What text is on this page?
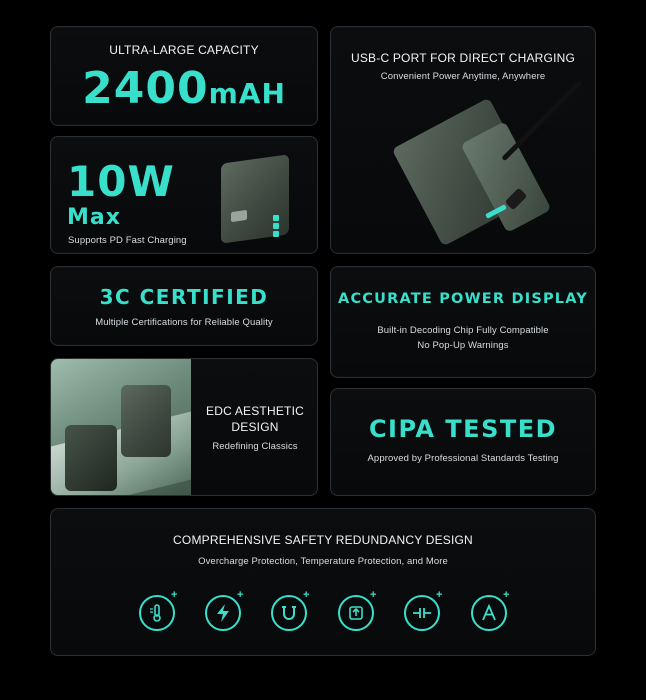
ULTRA-LARGE CAPACITY
2400mAH
10W
Max
Supports PD Fast Charging
USB-C PORT FOR DIRECT CHARGING
Convenient Power Anytime, Anywhere
3C CERTIFIED
Multiple Certifications for Reliable Quality
ACCURATE POWER DISPLAY
Built-in Decoding Chip Fully Compatible
No Pop-Up Warnings
EDC AESTHETIC
DESIGN
Redefining Classics
CIPA TESTED
Approved by Professional Standards Testing
COMPREHENSIVE SAFETY REDUNDANCY DESIGN
Overcharge Protection, Temperature Protection, and More
+	+	+	+	+	+
